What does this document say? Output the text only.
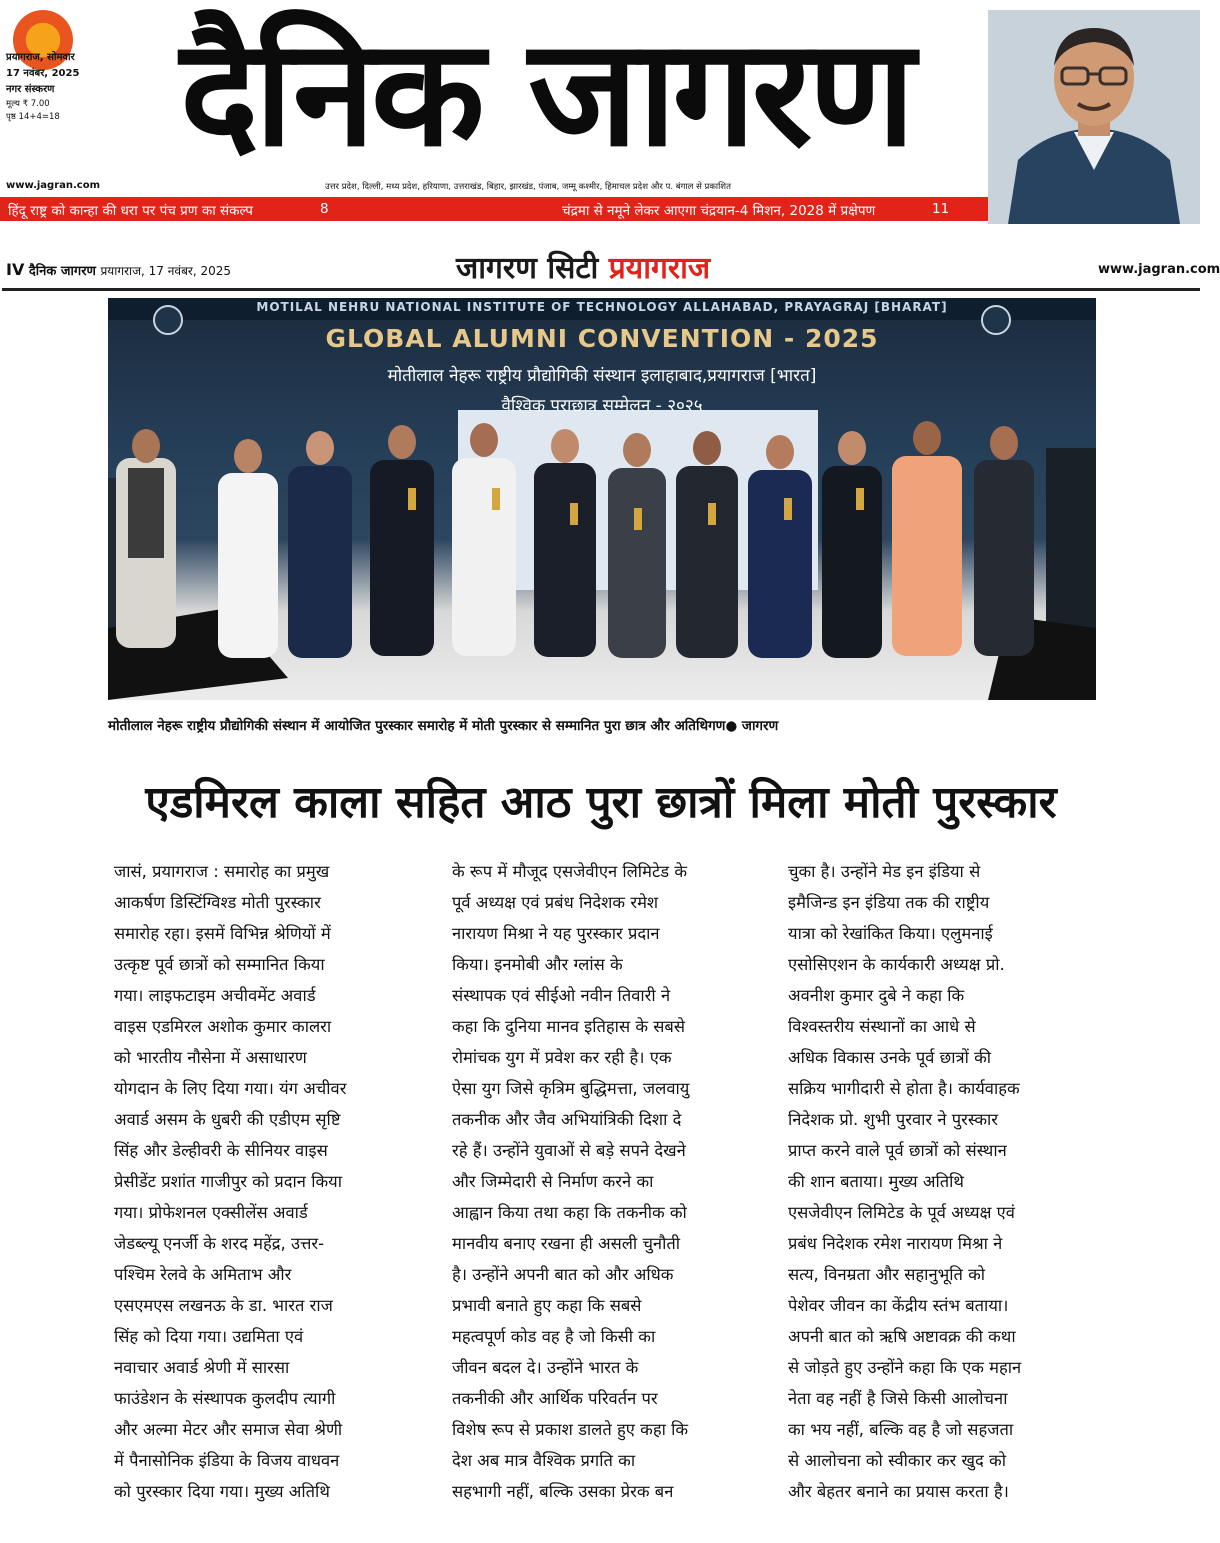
प्रयागराज, सोमवार
17 नवंबर, 2025
नगर संस्करण
मूल्य ₹ 7.00
पृष्ठ 14+4=18 दैनिक जागरण
www.jagran.com	उत्तर प्रदेश, दिल्ली, मध्य प्रदेश, हरियाणा, उत्तराखंड, बिहार, झारखंड, पंजाब, जम्मू कश्मीर, हिमाचल प्रदेश और प. बंगाल से प्रकाशित
हिंदू राष्ट्र को कान्हा की धरा पर पंच प्रण का संकल्प	8	चंद्रमा से नमूने लेकर आएगा चंद्रयान-4 मिशन, 2028 में प्रक्षेपण	11
IV दैनिक जागरण प्रयागराज, 17 नवंबर, 2025	जागरण सिटी प्रयागराज	www.jagran.com
MOTILAL NEHRU NATIONAL INSTITUTE OF TECHNOLOGY ALLAHABAD, PRAYAGRAJ [BHARAT]
GLOBAL ALUMNI CONVENTION - 2025
मोतीलाल नेहरू राष्ट्रीय प्रौद्योगिकी संस्थान इलाहाबाद,प्रयागराज [भारत]
वैश्विक पराछात्र सम्मेलन - २०२५
मोतीलाल नेहरू राष्ट्रीय प्रौद्योगिकी संस्थान में आयोजित पुरस्कार समारोह में मोती पुरस्कार से सम्मानित पुरा छात्र और अतिथिगण● जागरण
एडमिरल काला सहित आठ पुरा छात्रों मिला मोती पुरस्कार

जासं, प्रयागराज : समारोह का प्रमुख

आकर्षण डिस्टिंग्विश्ड मोती पुरस्कार

समारोह रहा। इसमें विभिन्न श्रेणियों में

उत्कृष्ट पूर्व छात्रों को सम्मानित किया

गया। लाइफटाइम अचीवमेंट अवार्ड

वाइस एडमिरल अशोक कुमार कालरा

को भारतीय नौसेना में असाधारण

योगदान के लिए दिया गया। यंग अचीवर

अवार्ड असम के धुबरी की एडीएम सृष्टि

सिंह और डेल्हीवरी के सीनियर वाइस

प्रेसीडेंट प्रशांत गाजीपुर को प्रदान किया

गया। प्रोफेशनल एक्सीलेंस अवार्ड

जेडब्ल्यू एनर्जी के शरद महेंद्र, उत्तर-

पश्चिम रेलवे के अमिताभ और

एसएमएस लखनऊ के डा. भारत राज

सिंह को दिया गया। उद्यमिता एवं

नवाचार अवार्ड श्रेणी में सारसा

फाउंडेशन के संस्थापक कुलदीप त्यागी

और अल्मा मेटर और समाज सेवा श्रेणी

में पैनासोनिक इंडिया के विजय वाधवन

को पुरस्कार दिया गया। मुख्य अतिथि

के रूप में मौजूद एसजेवीएन लिमिटेड के

पूर्व अध्यक्ष एवं प्रबंध निदेशक रमेश

नारायण मिश्रा ने यह पुरस्कार प्रदान

किया। इनमोबी और ग्लांस के

संस्थापक एवं सीईओ नवीन तिवारी ने

कहा कि दुनिया मानव इतिहास के सबसे

रोमांचक युग में प्रवेश कर रही है। एक

ऐसा युग जिसे कृत्रिम बुद्धिमत्ता, जलवायु

तकनीक और जैव अभियांत्रिकी दिशा दे

रहे हैं। उन्होंने युवाओं से बड़े सपने देखने

और जिम्मेदारी से निर्माण करने का

आह्वान किया तथा कहा कि तकनीक को

मानवीय बनाए रखना ही असली चुनौती

है। उन्होंने अपनी बात को और अधिक

प्रभावी बनाते हुए कहा कि सबसे

महत्वपूर्ण कोड वह है जो किसी का

जीवन बदल दे। उन्होंने भारत के

तकनीकी और आर्थिक परिवर्तन पर

विशेष रूप से प्रकाश डालते हुए कहा कि

देश अब मात्र वैश्विक प्रगति का

सहभागी नहीं, बल्कि उसका प्रेरक बन

चुका है। उन्होंने मेड इन इंडिया से

इमैजिन्ड इन इंडिया तक की राष्ट्रीय

यात्रा को रेखांकित किया। एलुमनाई

एसोसिएशन के कार्यकारी अध्यक्ष प्रो.

अवनीश कुमार दुबे ने कहा कि

विश्वस्तरीय संस्थानों का आधे से

अधिक विकास उनके पूर्व छात्रों की

सक्रिय भागीदारी से होता है। कार्यवाहक

निदेशक प्रो. शुभी पुरवार ने पुरस्कार

प्राप्त करने वाले पूर्व छात्रों को संस्थान

की शान बताया। मुख्य अतिथि

एसजेवीएन लिमिटेड के पूर्व अध्यक्ष एवं

प्रबंध निदेशक रमेश नारायण मिश्रा ने

सत्य, विनम्रता और सहानुभूति को

पेशेवर जीवन का केंद्रीय स्तंभ बताया।

अपनी बात को ऋषि अष्टावक्र की कथा

से जोड़ते हुए उन्होंने कहा कि एक महान

नेता वह नहीं है जिसे किसी आलोचना

का भय नहीं, बल्कि वह है जो सहजता

से आलोचना को स्वीकार कर खुद को

और बेहतर बनाने का प्रयास करता है।
